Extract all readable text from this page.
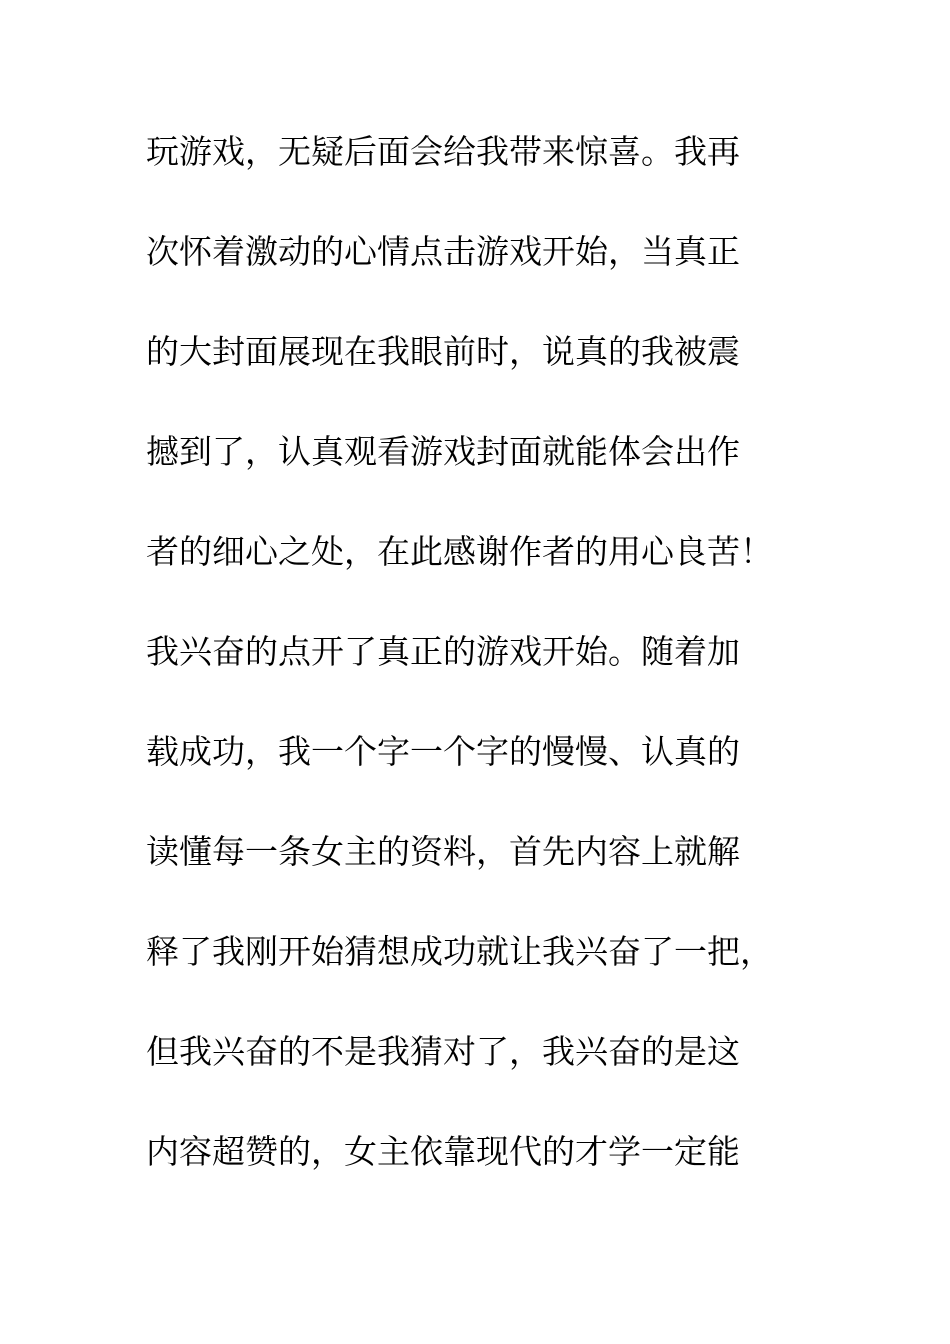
玩游戏，无疑后面会给我带来惊喜。我再
次怀着激动的心情点击游戏开始，当真正
的大封面展现在我眼前时，说真的我被震
撼到了，认真观看游戏封面就能体会出作
者的细心之处，在此感谢作者的用心良苦！
我兴奋的点开了真正的游戏开始。随着加
载成功，我一个字一个字的慢慢、认真的
读懂每一条女主的资料，首先内容上就解
释了我刚开始猜想成功就让我兴奋了一把，
但我兴奋的不是我猜对了，我兴奋的是这
内容超赞的，女主依靠现代的才学一定能
